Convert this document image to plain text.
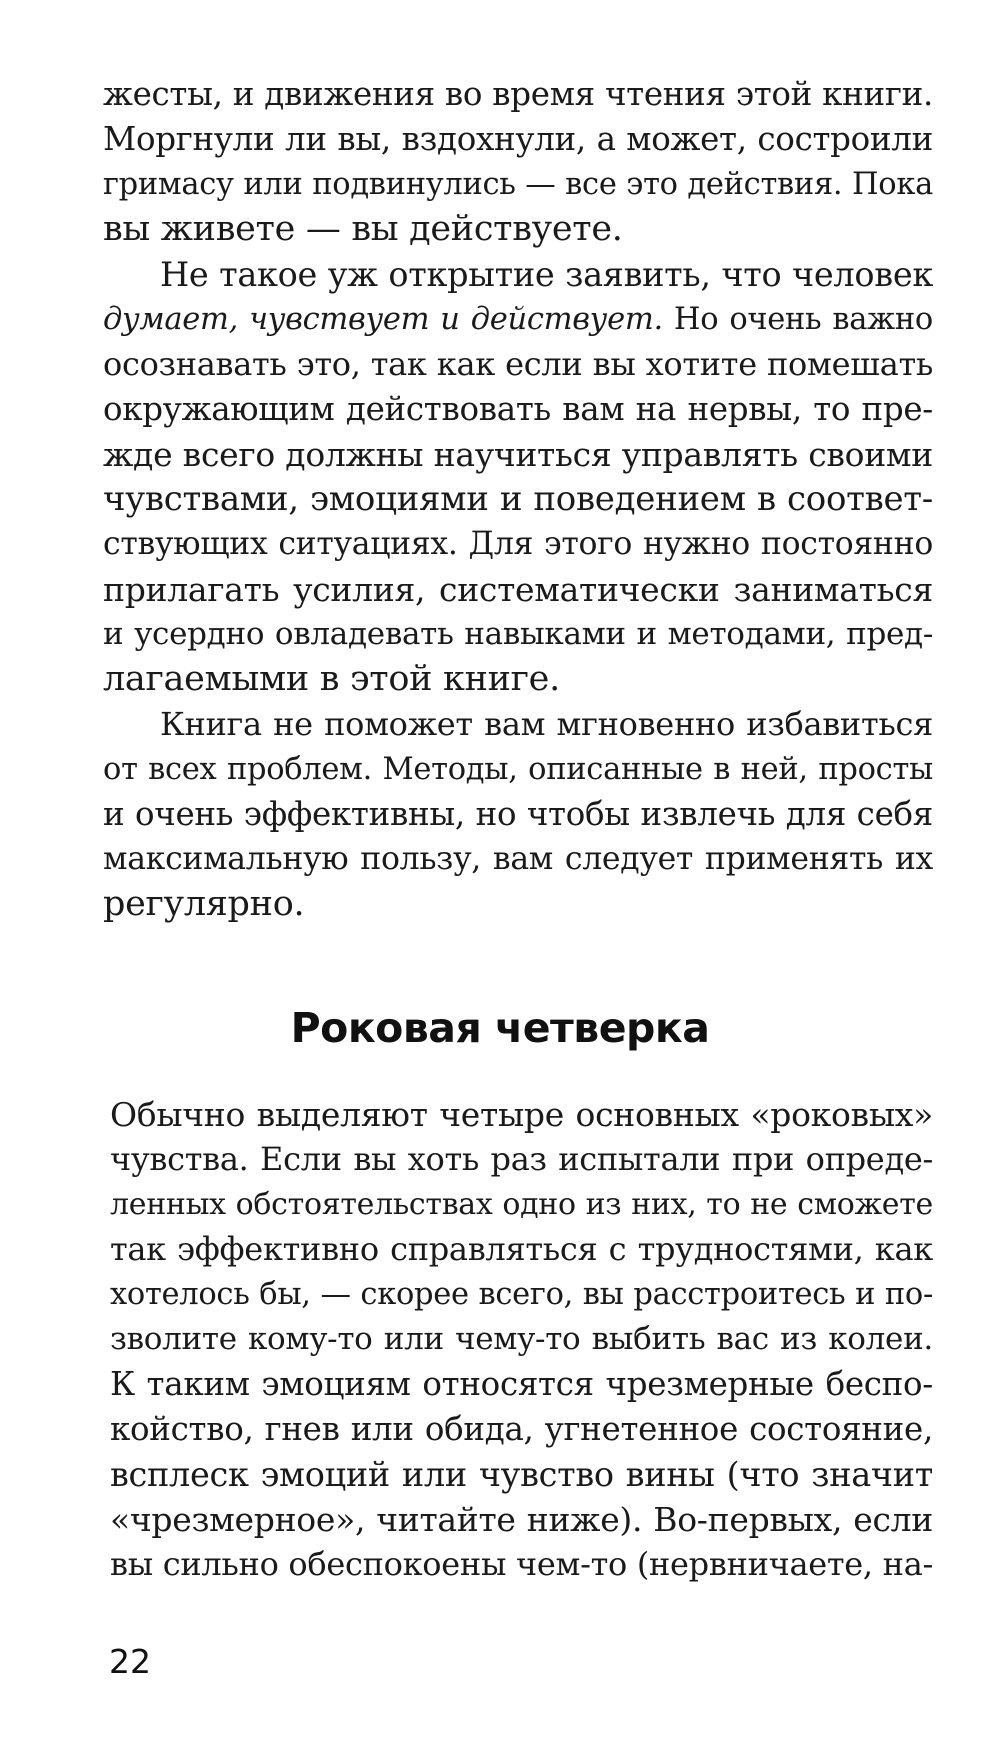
жесты, и движения во время чтения этой книги.

Моргнули ли вы, вздохнули, а может, состроили

гримасу или подвинулись — все это действия. Пока

вы живете — вы действуете.

Не такое уж открытие заявить, что человек

думает, чувствует и действует. Но очень важно

осознавать это, так как если вы хотите помешать

окружающим действовать вам на нервы, то пре-

жде всего должны научиться управлять своими

чувствами, эмоциями и поведением в соответ-

ствующих ситуациях. Для этого нужно постоянно

прилагать усилия, систематически заниматься

и усердно овладевать навыками и методами, пред-

лагаемыми в этой книге.

Книга не поможет вам мгновенно избавиться

от всех проблем. Методы, описанные в ней, просты

и очень эффективны, но чтобы извлечь для себя

максимальную пользу, вам следует применять их

регулярно.

Роковая четверка

Обычно выделяют четыре основных «роковых»

чувства. Если вы хоть раз испытали при опреде-

ленных обстоятельствах одно из них, то не сможете

так эффективно справляться с трудностями, как

хотелось бы, — скорее всего, вы расстроитесь и по-

зволите кому-то или чему-то выбить вас из колеи.

К таким эмоциям относятся чрезмерные беспо-

койство, гнев или обида, угнетенное состояние,

всплеск эмоций или чувство вины (что значит

«чрезмерное», читайте ниже). Во-первых, если

вы сильно обеспокоены чем-то (нервничаете, на-

22
